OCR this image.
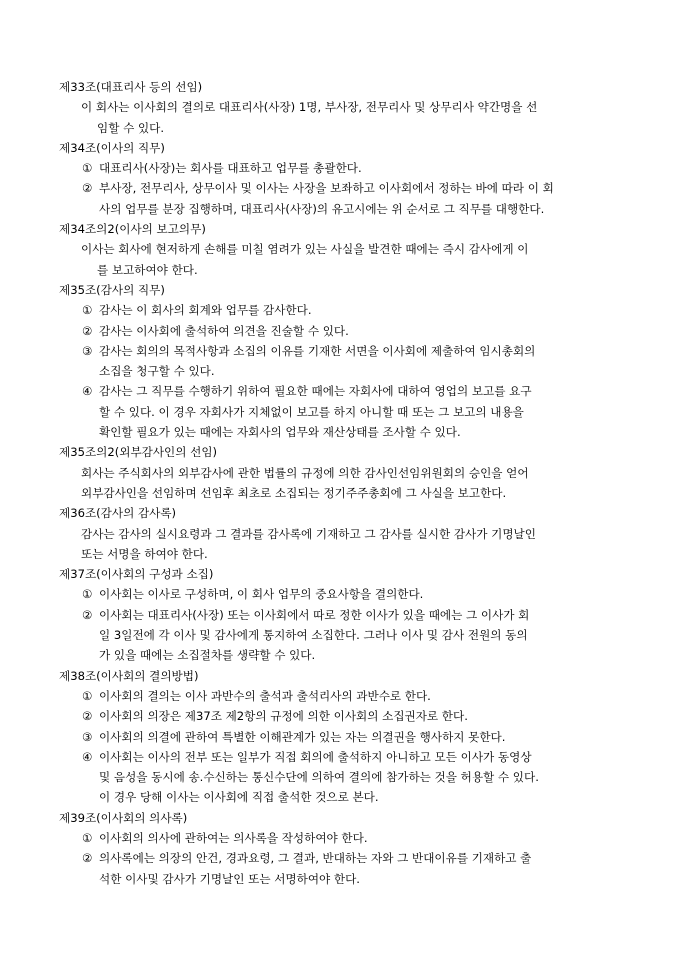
제33조(대표리사 등의 선임)
이 회사는 이사회의 결의로 대표리사(사장) 1명, 부사장, 전무리사 및 상무리사 약간명을 선
임할 수 있다.
제34조(이사의 직무)
① 대표리사(사장)는 회사를 대표하고 업무를 총괄한다.
② 부사장, 전무리사, 상무이사 및 이사는 사장을 보좌하고 이사회에서 정하는 바에 따라 이 회
사의 업무를 분장 집행하며, 대표리사(사장)의 유고시에는 위 순서로 그 직무를 대행한다.
제34조의2(이사의 보고의무)
이사는 회사에 현저하게 손해를 미칠 염려가 있는 사실을 발견한 때에는 즉시 감사에게 이
를 보고하여야 한다.
제35조(감사의 직무)
① 감사는 이 회사의 회계와 업무를 감사한다.
② 감사는 이사회에 출석하여 의견을 진술할 수 있다.
③ 감사는 회의의 목적사항과 소집의 이유를 기재한 서면을 이사회에 제출하여 임시총회의
소집을 청구할 수 있다.
④ 감사는 그 직무를 수행하기 위하여 필요한 때에는 자회사에 대하여 영업의 보고를 요구
할 수 있다. 이 경우 자회사가 지체없이 보고를 하지 아니할 때 또는 그 보고의 내용을
확인할 필요가 있는 때에는 자회사의 업무와 재산상태를 조사할 수 있다.
제35조의2(외부감사인의 선임)
회사는 주식회사의 외부감사에 관한 법률의 규정에 의한 감사인선임위원회의 승인을 얻어
외부감사인을 선임하며 선임후 최초로 소집되는 정기주주총회에 그 사실을 보고한다.
제36조(감사의 감사록)
감사는 감사의 실시요령과 그 결과를 감사록에 기재하고 그 감사를 실시한 감사가 기명날인
또는 서명을 하여야 한다.
제37조(이사회의 구성과 소집)
① 이사회는 이사로 구성하며, 이 회사 업무의 중요사항을 결의한다.
② 이사회는 대표리사(사장) 또는 이사회에서 따로 정한 이사가 있을 때에는 그 이사가 회
일 3일전에 각 이사 및 감사에게 통지하여 소집한다. 그러나 이사 및 감사 전원의 동의
가 있을 때에는 소집절차를 생략할 수 있다.
제38조(이사회의 결의방법)
① 이사회의 결의는 이사 과반수의 출석과 출석리사의 과반수로 한다.
② 이사회의 의장은 제37조 제2항의 규정에 의한 이사회의 소집권자로 한다.
③ 이사회의 의결에 관하여 특별한 이해관계가 있는 자는 의결권을 행사하지 못한다.
④ 이사회는 이사의 전부 또는 일부가 직접 회의에 출석하지 아니하고 모든 이사가 동영상
및 음성을 동시에 송.수신하는 통신수단에 의하여 결의에 참가하는 것을 허용할 수 있다.
이 경우 당해 이사는 이사회에 직접 출석한 것으로 본다.
제39조(이사회의 의사록)
① 이사회의 의사에 관하여는 의사록을 작성하여야 한다.
② 의사록에는 의장의 안건, 경과요령, 그 결과, 반대하는 자와 그 반대이유를 기재하고 출
석한 이사및 감사가 기명날인 또는 서명하여야 한다.
